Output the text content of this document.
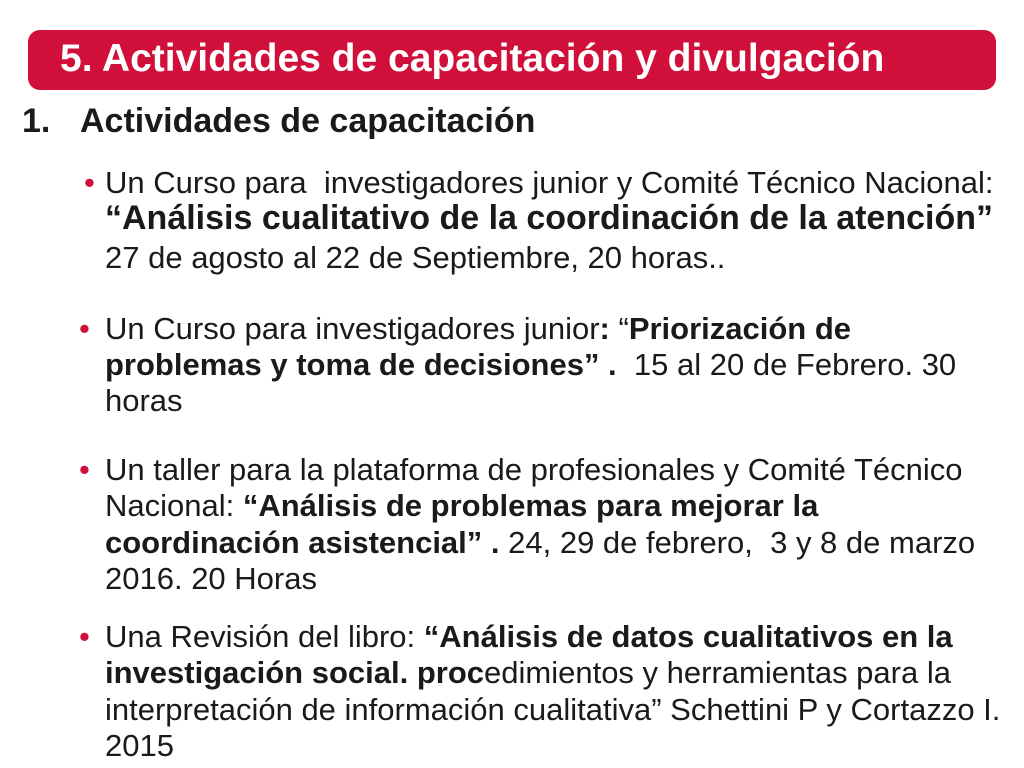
5. Actividades de capacitación y divulgación
1. Actividades de capacitación
• Un Curso para  investigadores junior y Comité Técnico Nacional:
“Análisis cualitativo de la coordinación de la atención”
27 de agosto al 22 de Septiembre, 20 horas..
• Un Curso para investigadores junior: “Priorización de
problemas y toma de decisiones” .  15 al 20 de Febrero. 30
horas
• Un taller para la plataforma de profesionales y Comité Técnico
Nacional: “Análisis de problemas para mejorar la
coordinación asistencial” . 24, 29 de febrero,  3 y 8 de marzo
2016. 20 Horas
• Una Revisión del libro: “Análisis de datos cualitativos en la
investigación social. procedimientos y herramientas para la
interpretación de información cualitativa” Schettini P y Cortazzo I.
2015
